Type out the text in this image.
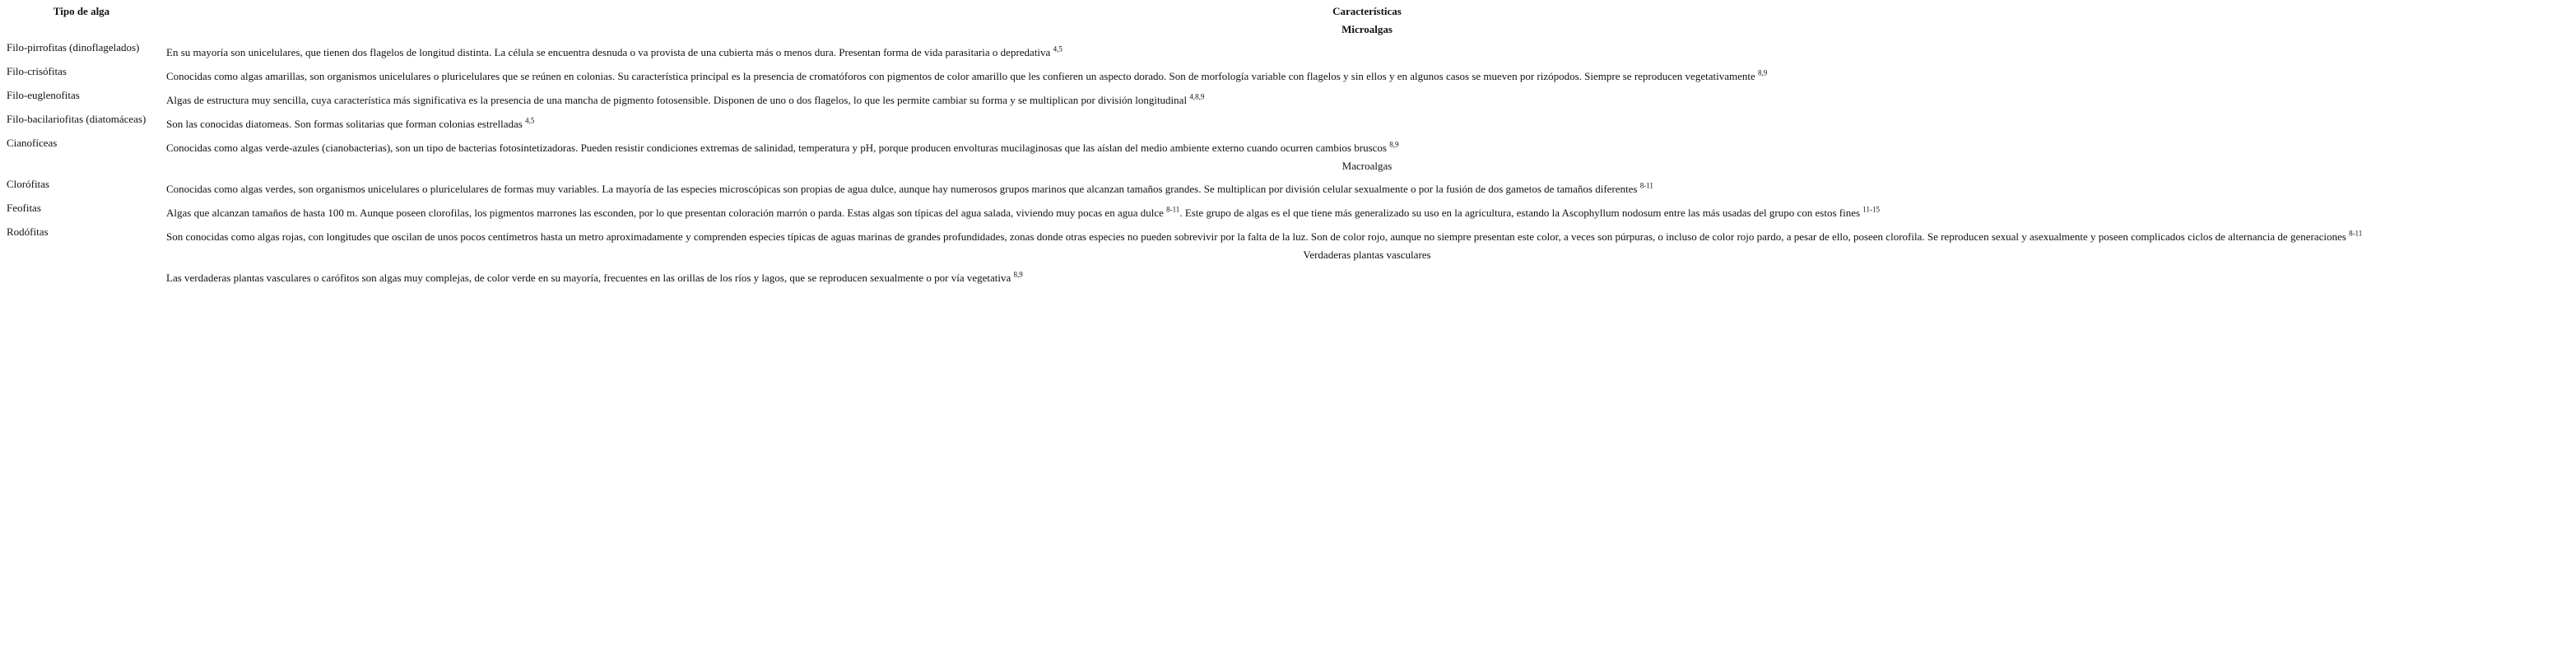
Tipo de alga	Características
	Microalgas
Filo-pirrofitas (dinoflagelados)	En su mayoría son unicelulares, que tienen dos flagelos de longitud distinta. La célula se encuentra desnuda o va provista de una cubierta más o menos dura. Presentan forma de vida parasitaria o depredativa $^{4,5}$
Filo-crisófitas	Conocidas como algas amarillas, son organismos unicelulares o pluricelulares que se reúnen en colonias. Su característica principal es la presencia de cromatóforos con pigmentos de color amarillo que les confieren un aspecto dorado. Son de morfología variable con flagelos y sin ellos y en algunos casos se mueven por rizópodos. Siempre se reproducen vegetativamente $^{8,9}$
Filo-euglenofitas	Algas de estructura muy sencilla, cuya característica más significativa es la presencia de una mancha de pigmento fotosensible. Disponen de uno o dos flagelos, lo que les permite cambiar su forma y se multiplican por división longitudinal $^{4,8,9}$
Filo-bacilariofitas (diatomáceas)	Son las conocidas diatomeas. Son formas solitarias que forman colonias estrelladas $^{4,5}$
Cianofíceas	Conocidas como algas verde-azules (cianobacterias), son un tipo de bacterias fotosintetizadoras. Pueden resistir condiciones extremas de salinidad, temperatura y pH, porque producen envolturas mucilaginosas que las aíslan del medio ambiente externo cuando ocurren cambios bruscos $^{8,9}$
	Macroalgas
Clorófitas	Conocidas como algas verdes, son organismos unicelulares o pluricelulares de formas muy variables. La mayoría de las especies microscópicas son propias de agua dulce, aunque hay numerosos grupos marinos que alcanzan tamaños grandes. Se multiplican por división celular sexualmente o por la fusión de dos gametos de tamaños diferentes $^{8-11}$
Feofitas	Algas que alcanzan tamaños de hasta 100 m. Aunque poseen clorofilas, los pigmentos marrones las esconden, por lo que presentan coloración marrón o parda. Estas algas son típicas del agua salada, viviendo muy pocas en agua dulce $^{8-11}$. Este grupo de algas es el que tiene más generalizado su uso en la agricultura, estando la Ascophyllum nodosum entre las más usadas del grupo con estos fines $^{11-15}$
Rodófitas	Son conocidas como algas rojas, con longitudes que oscilan de unos pocos centímetros hasta un metro aproximadamente y comprenden especies típicas de aguas marinas de grandes profundidades, zonas donde otras especies no pueden sobrevivir por la falta de la luz. Son de color rojo, aunque no siempre presentan este color, a veces son púrpuras, o incluso de color rojo pardo, a pesar de ello, poseen clorofila. Se reproducen sexual y asexualmente y poseen complicados ciclos de alternancia de generaciones $^{8-11}$
	Verdaderas plantas vasculares
	Las verdaderas plantas vasculares o carófitos son algas muy complejas, de color verde en su mayoría, frecuentes en las orillas de los ríos y lagos, que se reproducen sexualmente o por vía vegetativa $^{8,9}$
